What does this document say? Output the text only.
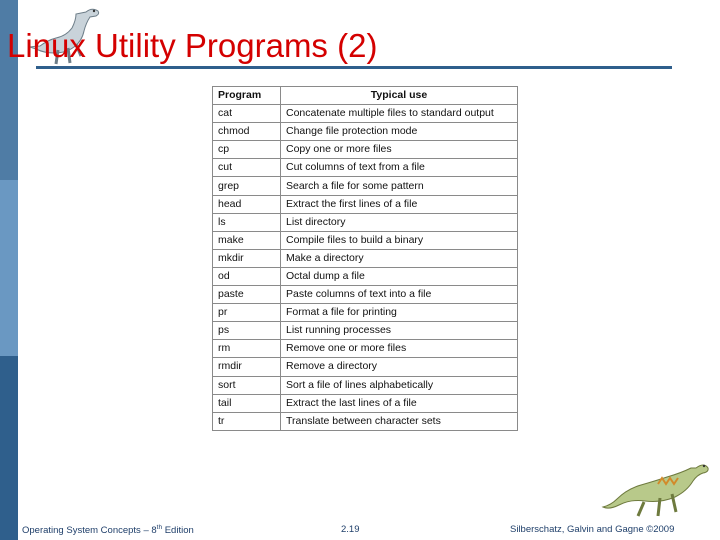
Linux Utility Programs (2)
Program	Typical use
cat	Concatenate multiple files to standard output
chmod	Change file protection mode
cp	Copy one or more files
cut	Cut columns of text from a file
grep	Search a file for some pattern
head	Extract the first lines of a file
ls	List directory
make	Compile files to build a binary
mkdir	Make a directory
od	Octal dump a file
paste	Paste columns of text into a file
pr	Format a file for printing
ps	List running processes
rm	Remove one or more files
rmdir	Remove a directory
sort	Sort a file of lines alphabetically
tail	Extract the last lines of a file
tr	Translate between character sets
Operating System Concepts – 8th Edition	2.19	Silberschatz, Galvin and Gagne ©2009
